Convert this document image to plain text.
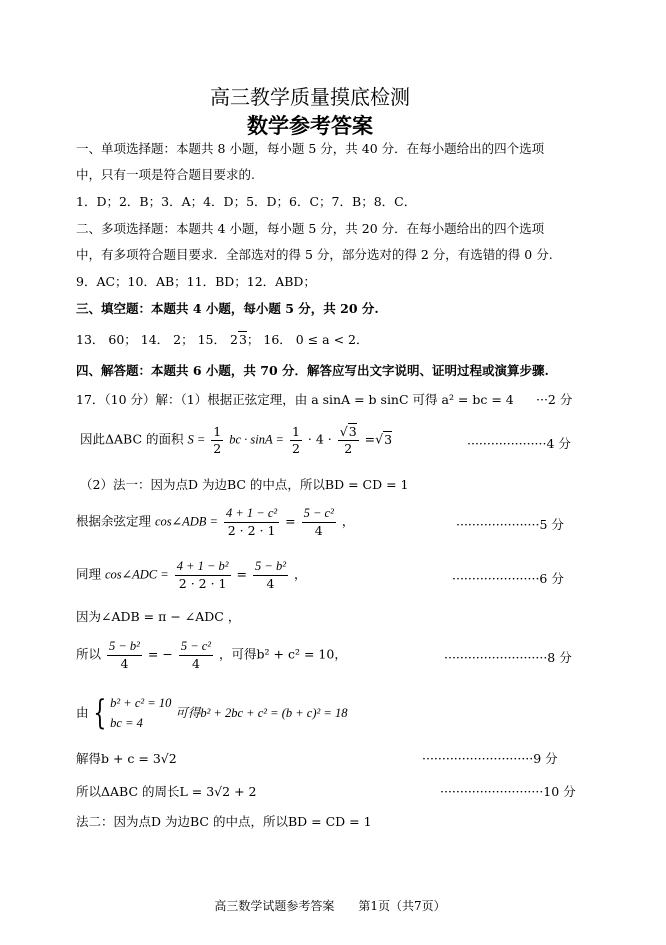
高三教学质量摸底检测
数学参考答案
一、单项选择题：本题共 8 小题，每小题 5 分，共 40 分．在每小题给出的四个选项
中，只有一项是符合题目要求的.
1．D；2．B；3．A；4．D；5．D；6．C；7．B；8．C．
二、多项选择题：本题共 4 小题，每小题 5 分，共 20 分．在每小题给出的四个选项
中，有多项符合题目要求．全部选对的得 5 分，部分选对的得 2 分，有选错的得 0 分.
9．AC；10．AB；11．BD；12．ABD；
三、填空题：本题共 4 小题，每小题 5 分，共 20 分.
13． 60； 14． 2； 15． 23； 16． 0 ≤ a < 2．
四、解答题：本题共 6 小题，共 70 分．解答应写出文字说明、证明过程或演算步骤.
17．（10 分）解：（1）根据正弦定理，由 a sinA = b sinC 可得 a² = bc = 4 ···2 分
因此ΔABC 的面积 $S = \frac{1}{2}$ bc · $\sin A = \frac{1}{2} \cdot 4 \cdot \frac{√3}{2} =√3$	····················4 分
（2）法一：因为点D 为边BC 的中点，所以BD = CD = 1
根据余弦定理 cos∠ADB = $\frac{\text{4 + 1 − c²}}{2 \cdot 2 \cdot 1} = \frac{\text{5 − c²}}{4}$ ，	·····················5 分
同理 cos∠ADC = $\frac{\text{4 + 1 − b²}}{2 \cdot 2 \cdot 1} = \frac{\text{5 − b²}}{4}$ ，	······················6 分
因为∠ADB = π − ∠ADC ，
所以 $\frac{\text{5 − b²}}{4}$ = − $\frac{\text{5 − c²}}{4}$ ，可得b² + c² = 10，	··························8 分
由 { b² + c² = 10
bc = 4
可得b² + 2bc + c² = (b + c)² = 18
解得b + c = 3√2	····························9 分
所以ΔABC 的周长L = 3√2 + 2	··························10 分
法二：因为点D 为边BC 的中点，所以BD = CD = 1
高三数学试题参考答案　　第1页（共7页）
